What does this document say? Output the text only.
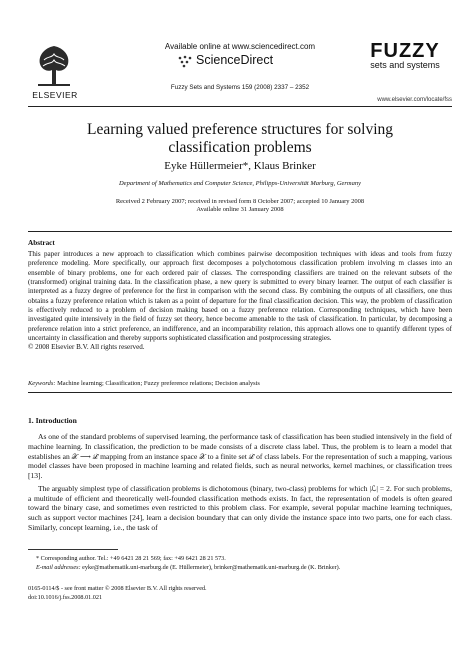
ELSEVIER
Available online at www.sciencedirect.com
ScienceDirect
Fuzzy Sets and Systems 159 (2008) 2337 – 2352
FUZZY
sets and systems
www.elsevier.com/locate/fss
Learning valued preference structures for solving
classification problems
Eyke Hüllermeier*, Klaus Brinker
Department of Mathematics and Computer Science, Philipps-Universität Marburg, Germany
Received 2 February 2007; received in revised form 8 October 2007; accepted 10 January 2008
Available online 31 January 2008
Abstract
This paper introduces a new approach to classification which combines pairwise decomposition techniques with ideas and tools from fuzzy preference modeling. More specifically, our approach first decomposes a polychotomous classification problem involving m classes into an ensemble of binary problems, one for each ordered pair of classes. The corresponding classifiers are trained on the relevant subsets of the (transformed) original training data. In the classification phase, a new query is submitted to every binary learner. The output of each classifier is interpreted as a fuzzy degree of preference for the first in comparison with the second class. By combining the outputs of all classifiers, one thus obtains a fuzzy preference relation which is taken as a point of departure for the final classification decision. This way, the problem of classification is effectively reduced to a problem of decision making based on a fuzzy preference relation. Corresponding techniques, which have been investigated quite intensively in the field of fuzzy set theory, hence become amenable to the task of classification. In particular, by decomposing a preference relation into a strict preference, an indifference, and an incomparability relation, this approach allows one to quantify different types of uncertainty in classification and thereby supports sophisticated classification and postprocessing strategies.
© 2008 Elsevier B.V. All rights reserved.
Keywords: Machine learning; Classification; Fuzzy preference relations; Decision analysis
1. Introduction

As one of the standard problems of supervised learning, the performance task of classification has been studied intensively in the field of machine learning. In classification, the prediction to be made consists of a discrete class label. Thus, the problem is to learn a model that establishes an 𝒳 ⟶ ℒ mapping from an instance space 𝒳 to a finite set ℒ of class labels. For the representation of such a mapping, various model classes have been proposed in machine learning and related fields, such as neural networks, kernel machines, or classification trees [13].

The arguably simplest type of classification problems is dichotomous (binary, two-class) problems for which |ℒ| = 2. For such problems, a multitude of efficient and theoretically well-founded classification methods exists. In fact, the representation of models is often geared toward the binary case, and sometimes even restricted to this problem class. For example, several popular machine learning techniques, such as support vector machines [24], learn a decision boundary that can only divide the instance space into two parts, one for each class. Similarly, concept learning, i.e., the task of

* Corresponding author. Tel.: +49 6421 28 21 569; fax: +49 6421 28 21 573.
E-mail addresses: eyke@mathematik.uni-marburg.de (E. Hüllermeier), brinker@mathematik.uni-marburg.de (K. Brinker).
0165-0114/$ - see front matter © 2008 Elsevier B.V. All rights reserved.
doi:10.1016/j.fss.2008.01.021
